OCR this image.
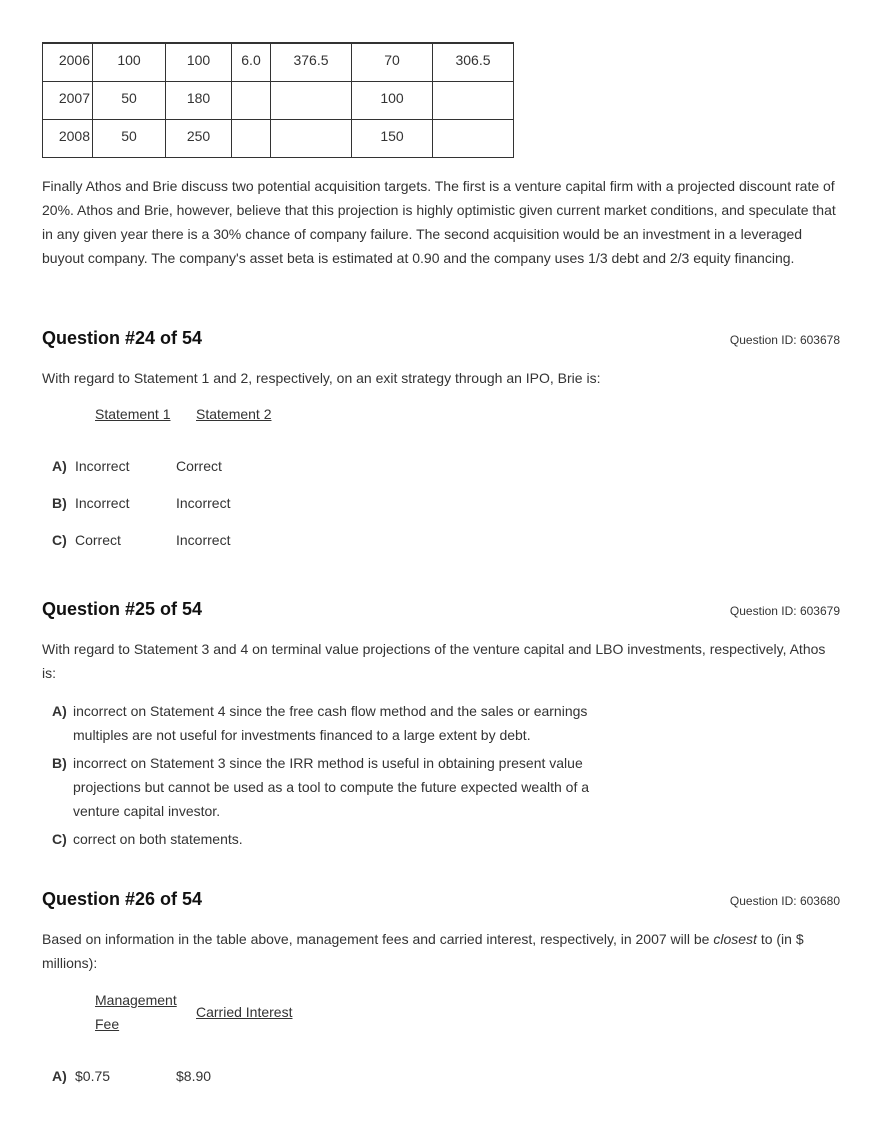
2006	100	100	6.0	376.5	70	306.5
2007	50	180			100	
2008	50	250			150	

Finally Athos and Brie discuss two potential acquisition targets. The first is a venture capital firm with a projected discount rate of 20%. Athos and Brie, however, believe that this projection is highly optimistic given current market conditions, and speculate that in any given year there is a 30% chance of company failure. The second acquisition would be an investment in a leveraged buyout company. The company's asset beta is estimated at 0.90 and the company uses 1/3 debt and 2/3 equity financing.

Question #24 of 54	Question ID: 603678

With regard to Statement 1 and 2, respectively, on an exit strategy through an IPO, Brie is:

Statement 1 Statement 2
A) Incorrect	Correct
B) Incorrect	Incorrect
C) Correct	Incorrect
Question #25 of 54	Question ID: 603679

With regard to Statement 3 and 4 on terminal value projections of the venture capital and LBO investments, respectively, Athos is:

A) incorrect on Statement 4 since the free cash flow method and the sales or earnings multiples are not useful for investments financed to a large extent by debt.
B) incorrect on Statement 3 since the IRR method is useful in obtaining present value projections but cannot be used as a tool to compute the future expected wealth of a venture capital investor.
C) correct on both statements.
Question #26 of 54	Question ID: 603680

Based on information in the table above, management fees and carried interest, respectively, in 2007 will be closest to (in $ millions):

Management Fee
Carried Interest
A) $0.75	$8.90
